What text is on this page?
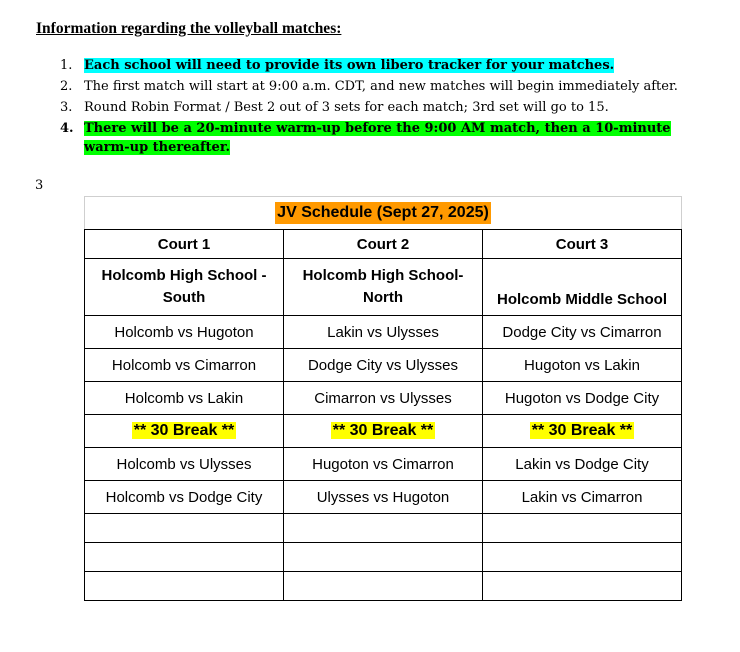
Information regarding the volleyball matches:
1. Each school will need to provide its own libero tracker for your matches.
2. The first match will start at 9:00 a.m. CDT, and new matches will begin immediately after.
3. Round Robin Format / Best 2 out of 3 sets for each match; 3rd set will go to 15.
4. There will be a 20-minute warm-up before the 9:00 AM match, then a 10-minute warm-up thereafter.
3
JV Schedule (Sept 27, 2025)		
Court 1	Court 2	Court 3
Holcomb High School - South	Holcomb High School- North	Holcomb Middle School
Holcomb vs Hugoton	Lakin vs Ulysses	Dodge City vs Cimarron
Holcomb vs Cimarron	Dodge City vs Ulysses	Hugoton vs Lakin
Holcomb vs Lakin	Cimarron vs Ulysses	Hugoton vs Dodge City
** 30 Break **	** 30 Break **	** 30 Break **
Holcomb vs Ulysses	Hugoton vs Cimarron	Lakin vs Dodge City
Holcomb vs Dodge City	Ulysses vs Hugoton	Lakin vs Cimarron
